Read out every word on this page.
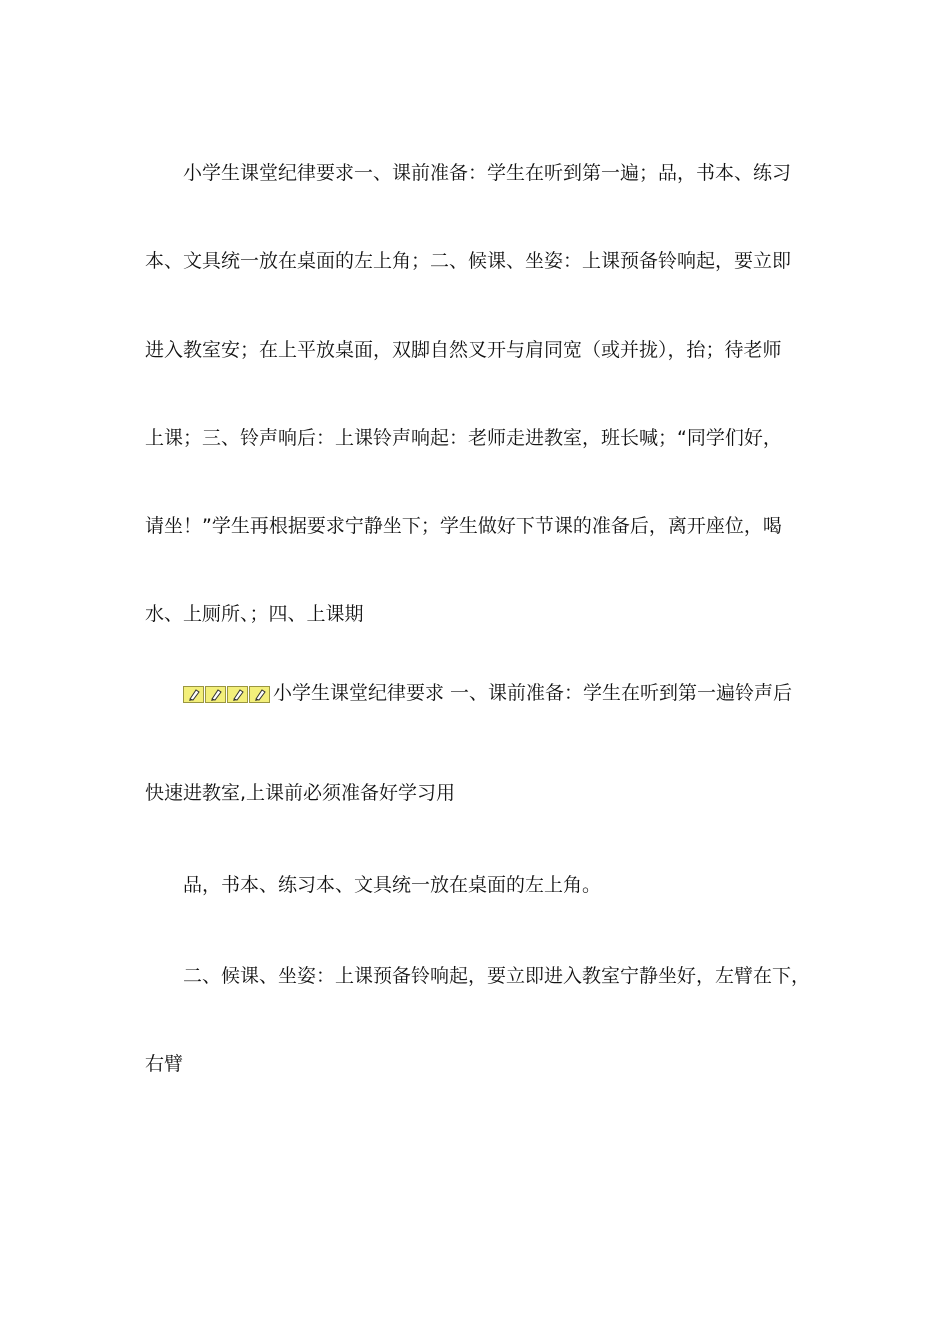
小学生课堂纪律要求一、课前准备：学生在听到第一遍；品，书本、练习
本、文具统一放在桌面的左上角；二、候课、坐姿：上课预备铃响起，要立即
进入教室安；在上平放桌面，双脚自然叉开与肩同宽（或并拢），抬；待老师
上课；三、铃声响后：上课铃声响起：老师走进教室，班长喊；“同学们好，
请坐！”学生再根据要求宁静坐下；学生做好下节课的准备后，离开座位，喝
水、上厕所、；四、上课期
小学生课堂纪律要求 一、课前准备：学生在听到第一遍铃声后
快速进教室,上课前必须准备好学习用
品，书本、练习本、文具统一放在桌面的左上角。
二、候课、坐姿：上课预备铃响起，要立即进入教室宁静坐好，左臂在下，
右臂
